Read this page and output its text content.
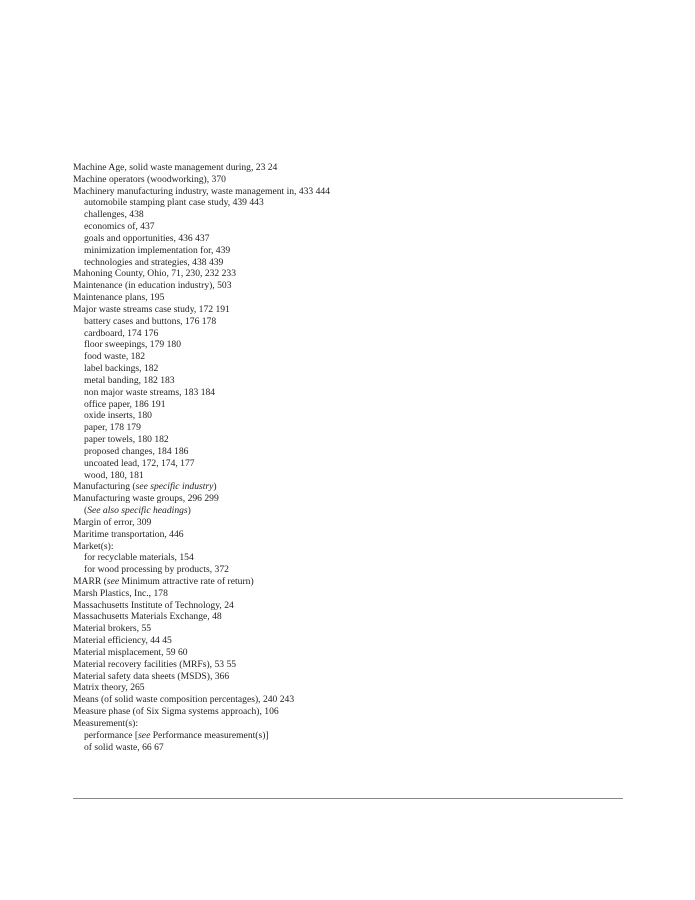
Machine Age, solid waste management during, 23 24
Machine operators (woodworking), 370
Machinery manufacturing industry, waste management in, 433 444
automobile stamping plant case study, 439 443
challenges, 438
economics of, 437
goals and opportunities, 436 437
minimization implementation for, 439
technologies and strategies, 438 439
Mahoning County, Ohio, 71, 230, 232 233
Maintenance (in education industry), 503
Maintenance plans, 195
Major waste streams case study, 172 191
battery cases and buttons, 176 178
cardboard, 174 176
floor sweepings, 179 180
food waste, 182
label backings, 182
metal banding, 182 183
non major waste streams, 183 184
office paper, 186 191
oxide inserts, 180
paper, 178 179
paper towels, 180 182
proposed changes, 184 186
uncoated lead, 172, 174, 177
wood, 180, 181
Manufacturing (see specific industry)
Manufacturing waste groups, 296 299
(See also specific headings)
Margin of error, 309
Maritime transportation, 446
Market(s):
for recyclable materials, 154
for wood processing by products, 372
MARR (see Minimum attractive rate of return)
Marsh Plastics, Inc., 178
Massachusetts Institute of Technology, 24
Massachusetts Materials Exchange, 48
Material brokers, 55
Material efficiency, 44 45
Material misplacement, 59 60
Material recovery facilities (MRFs), 53 55
Material safety data sheets (MSDS), 366
Matrix theory, 265
Means (of solid waste composition percentages), 240 243
Measure phase (of Six Sigma systems approach), 106
Measurement(s):
performance [see Performance measurement(s)]
of solid waste, 66 67
